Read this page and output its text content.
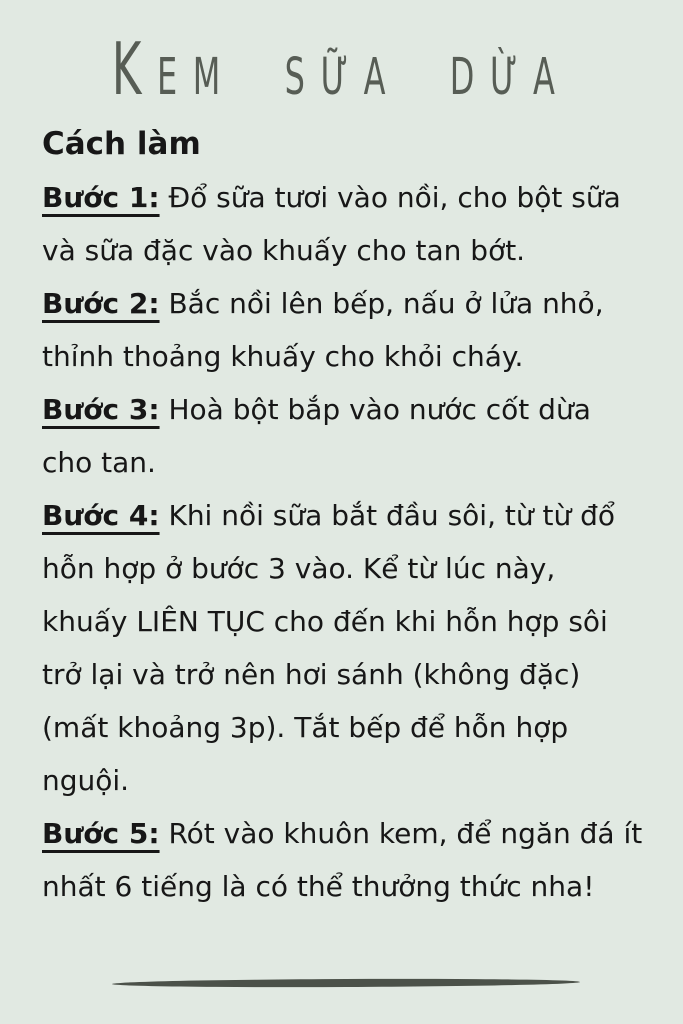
Kem sữa dừa

Cách làm

Bước 1: Đổ sữa tươi vào nồi, cho bột sữa và sữa đặc vào khuấy cho tan bớt.

Bước 2: Bắc nồi lên bếp, nấu ở lửa nhỏ, thỉnh thoảng khuấy cho khỏi cháy.

Bước 3: Hoà bột bắp vào nước cốt dừa cho tan.

Bước 4: Khi nồi sữa bắt đầu sôi, từ từ đổ hỗn hợp ở bước 3 vào. Kể từ lúc này, khuấy LIÊN TỤC cho đến khi hỗn hợp sôi trở lại và trở nên hơi sánh (không đặc) (mất khoảng 3p). Tắt bếp để hỗn hợp nguội.

Bước 5: Rót vào khuôn kem, để ngăn đá ít nhất 6 tiếng là có thể thưởng thức nha!
